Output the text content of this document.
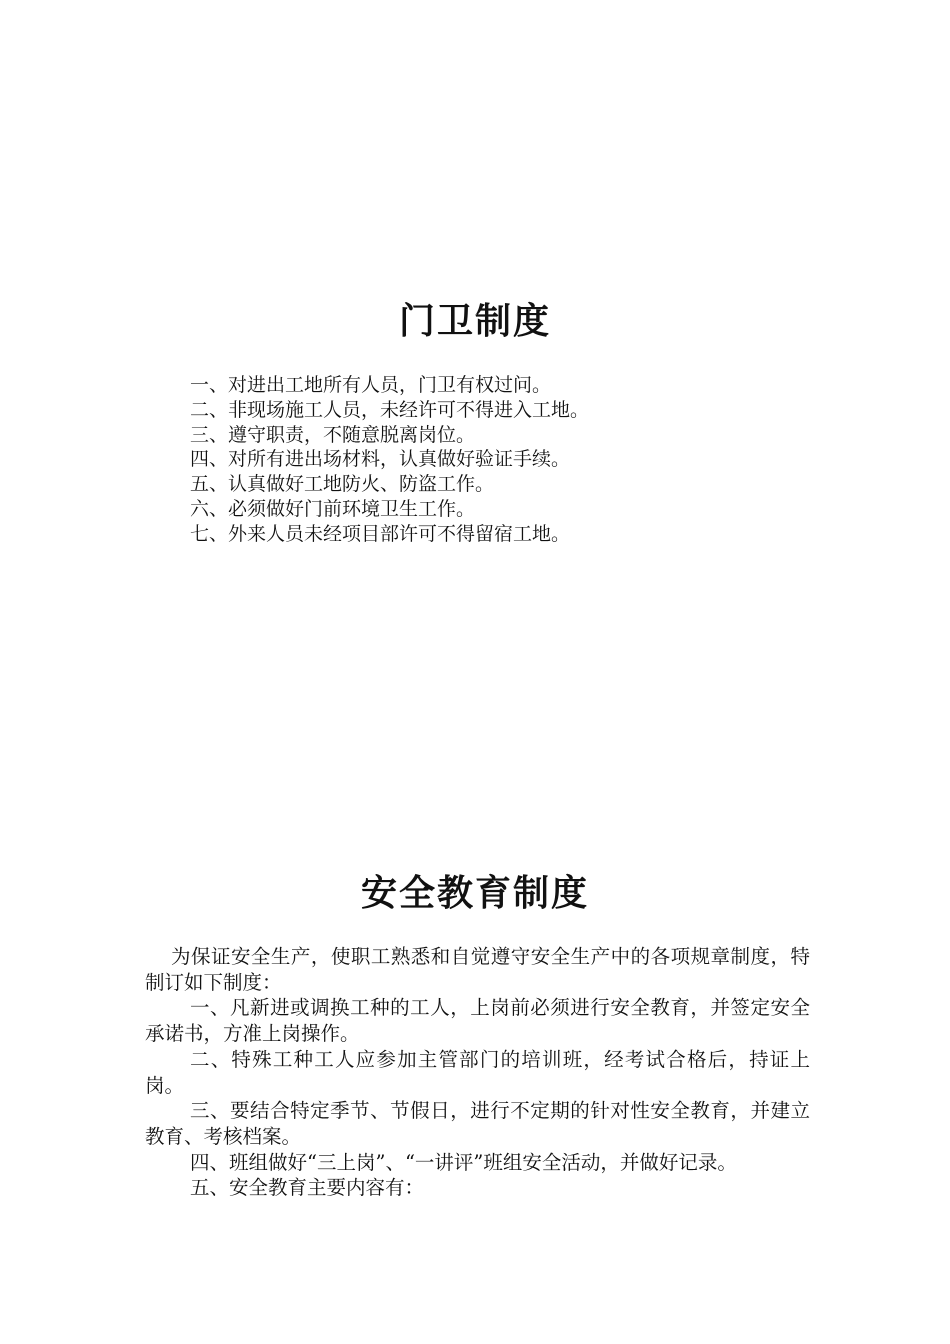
门卫制度
一、对进出工地所有人员，门卫有权过问。
二、非现场施工人员，未经许可不得进入工地。
三、遵守职责，不随意脱离岗位。
四、对所有进出场材料，认真做好验证手续。
五、认真做好工地防火、防盗工作。
六、必须做好门前环境卫生工作。
七、外来人员未经项目部许可不得留宿工地。
安全教育制度

为保证安全生产，使职工熟悉和自觉遵守安全生产中的各项规章制度，特制订如下制度：

一、凡新进或调换工种的工人，上岗前必须进行安全教育，并签定安全承诺书，方准上岗操作。

二、特殊工种工人应参加主管部门的培训班，经考试合格后，持证上岗。

三、要结合特定季节、节假日，进行不定期的针对性安全教育，并建立教育、考核档案。

四、班组做好“三上岗”、“一讲评”班组安全活动，并做好记录。

五、安全教育主要内容有：
